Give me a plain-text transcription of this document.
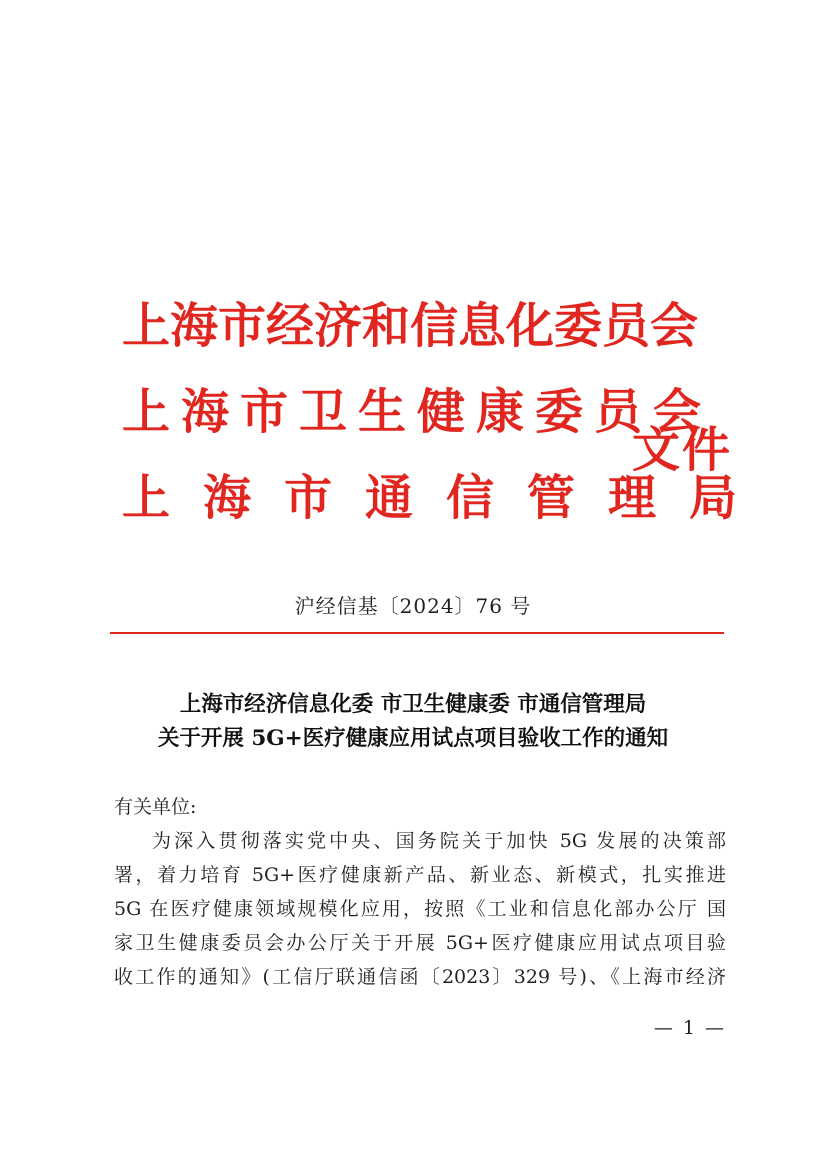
上海市经济和信息化委员会
上海市卫生健康委员会
文件
上海市通信管理局
沪经信基〔2024〕76 号
上海市经济信息化委 市卫生健康委 市通信管理局
关于开展 5G+医疗健康应用试点项目验收工作的通知

有关单位:

为深入贯彻落实党中央、国务院关于加快 5G 发展的决策部

署，着力培育 5G+医疗健康新产品、新业态、新模式，扎实推进

5G 在医疗健康领域规模化应用，按照《工业和信息化部办公厅 国

家卫生健康委员会办公厅关于开展 5G+医疗健康应用试点项目验

收工作的通知》(工信厅联通信函〔2023〕329 号)、《上海市经济

— 1 —
